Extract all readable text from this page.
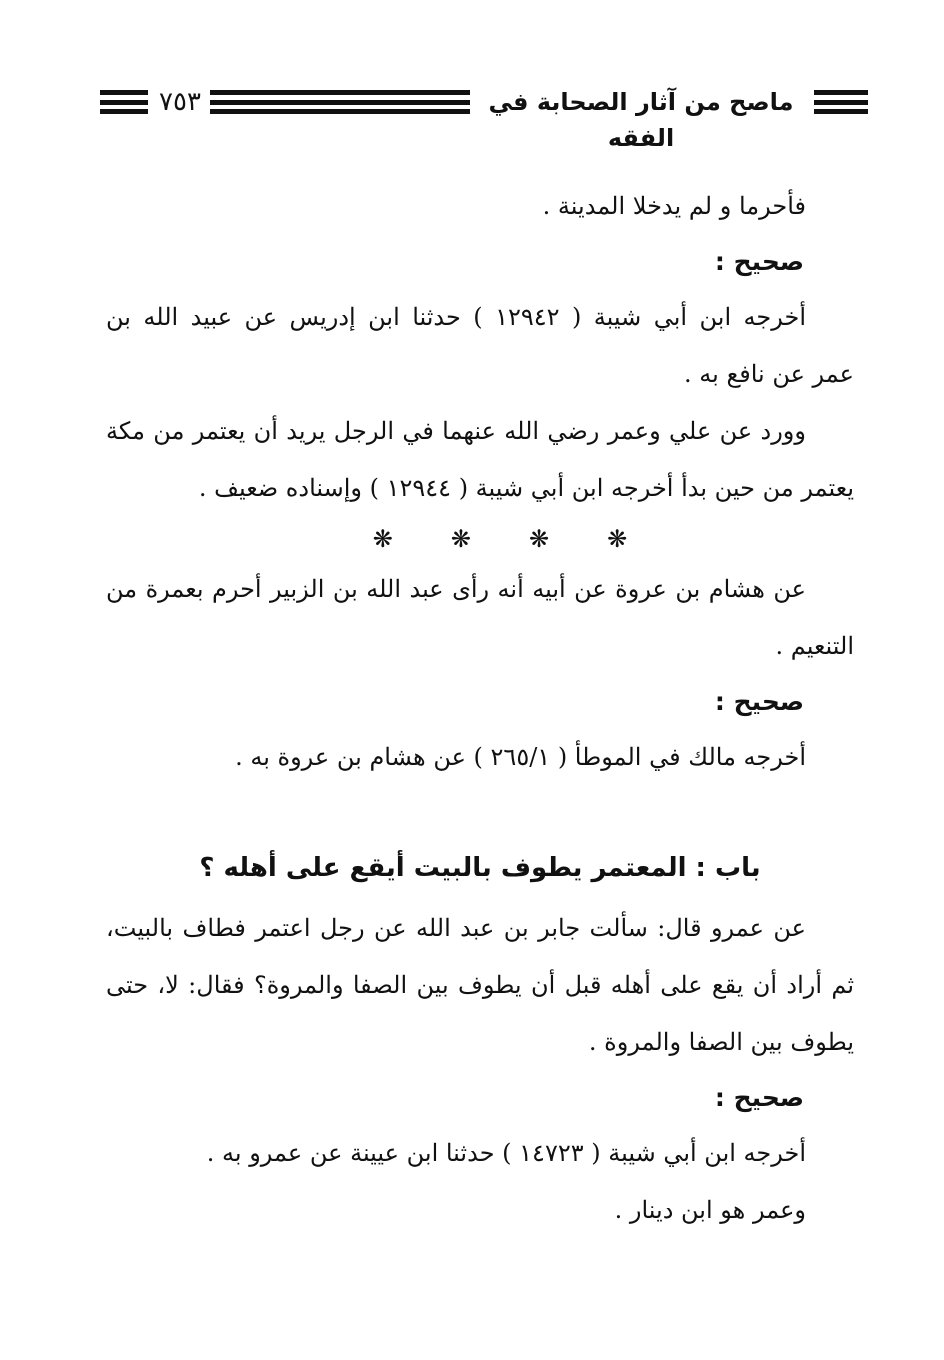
٧٥٣	ماصح من آثار الصحابة في الفقه
فأحرما و لم يدخلا المدينة .
صحيح :
أخرجه ابن أبي شيبة ( ١٢٩٤٢ ) حدثنا ابن إدريس عن عبيد الله بن
عمر عن نافع به .
وورد عن علي وعمر رضي الله عنهما في الرجل يريد أن يعتمر من مكة
يعتمر من حين بدأ أخرجه ابن أبي شيبة ( ١٢٩٤٤ ) وإسناده ضعيف .
❋ ❋ ❋ ❋
عن هشام بن عروة عن أبيه أنه رأى عبد الله بن الزبير أحرم بعمرة من
التنعيم .
صحيح :
أخرجه مالك في الموطأ ( ٢٦٥/١ ) عن هشام بن عروة به .
باب : المعتمر يطوف بالبيت أيقع على أهله ؟
عن عمرو قال: سألت جابر بن عبد الله عن رجل اعتمر فطاف بالبيت،
ثم أراد أن يقع على أهله قبل أن يطوف بين الصفا والمروة؟ فقال: لا، حتى
يطوف بين الصفا والمروة .
صحيح :
أخرجه ابن أبي شيبة ( ١٤٧٢٣ ) حدثنا ابن عيينة عن عمرو به .
وعمر هو ابن دينار .
